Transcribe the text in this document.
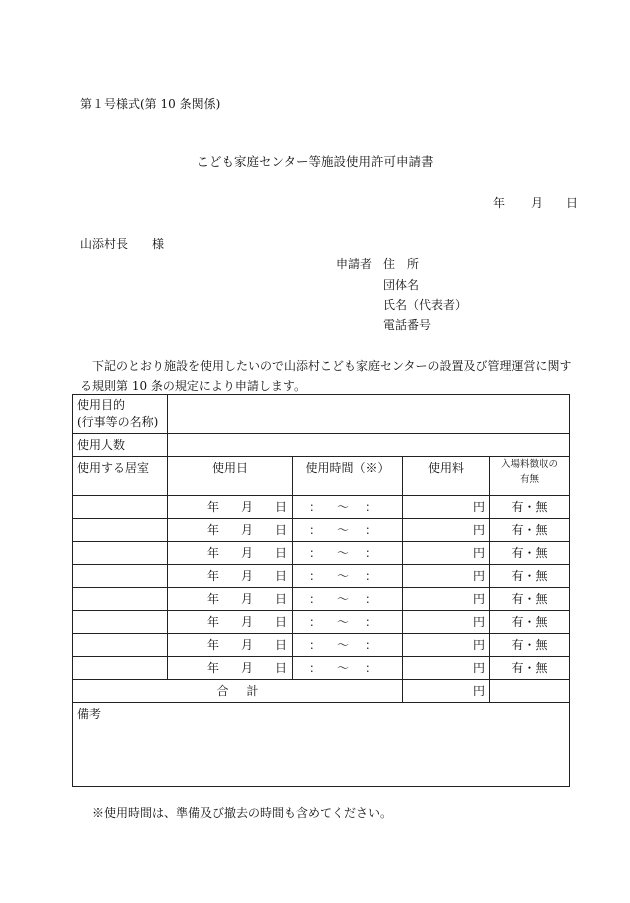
第１号様式(第 10 条関係)
こども家庭センター等施設使用許可申請書
年 月 日
山添村長　　様
申請者 住　所
団体名
氏名（代表者）
電話番号
下記のとおり施設を使用したいので山添村こども家庭センターの設置及び管理運営に関する規則第 10 条の規定により申請します。
使用目的
(行事等の名称)				
使用人数				
使用する居室	使用日	使用時間（※）	使用料	入場料徴収の有無
	年 月 日	： ～ ：	円	有・無
	年 月 日	： ～ ：	円	有・無
	年 月 日	： ～ ：	円	有・無
	年 月 日	： ～ ：	円	有・無
	年 月 日	： ～ ：	円	有・無
	年 月 日	： ～ ：	円	有・無
	年 月 日	： ～ ：	円	有・無
	年 月 日	： ～ ：	円	有・無
合 計			円	
備考				
※使用時間は、準備及び撤去の時間も含めてください。
